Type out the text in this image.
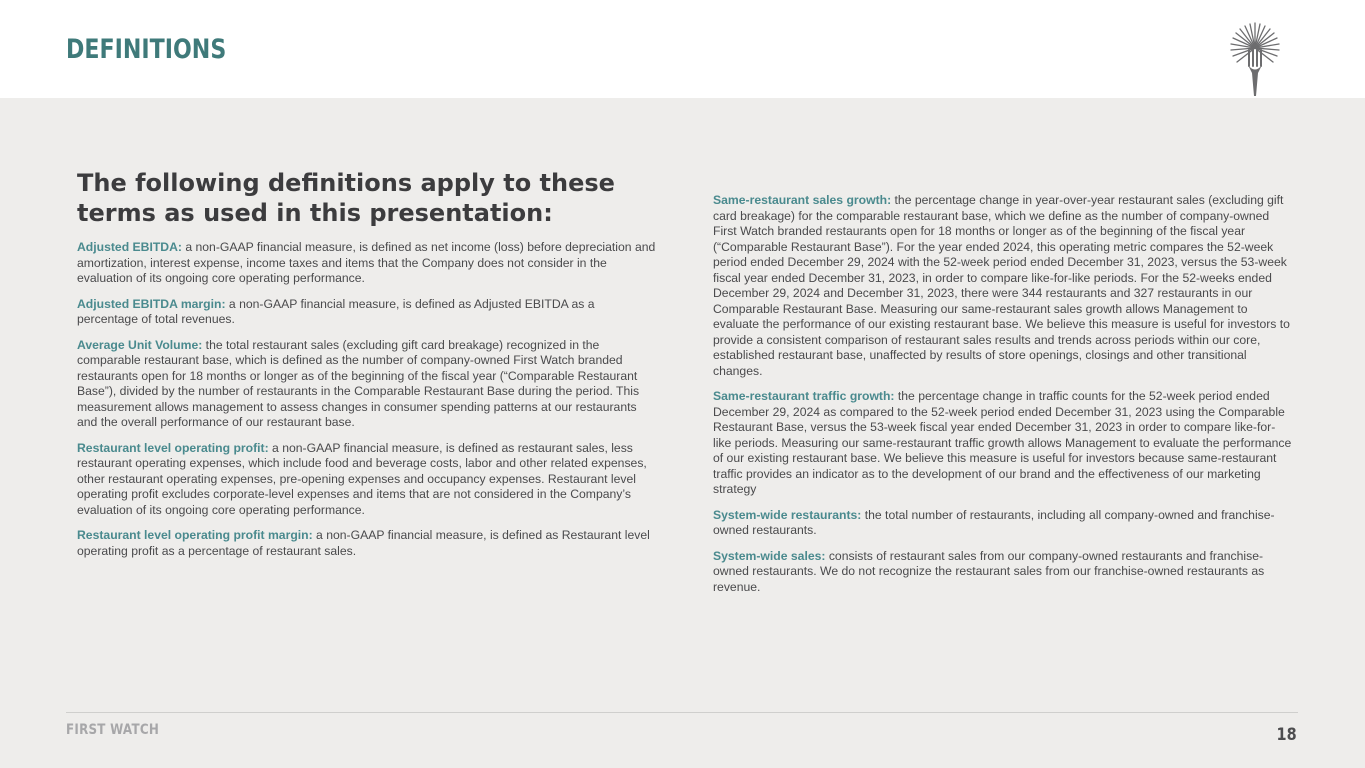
DEFINITIONS
The following definitions apply to these terms as used in this presentation:

Adjusted EBITDA: a non-GAAP financial measure, is defined as net income (loss) before depreciation and amortization, interest expense, income taxes and items that the Company does not consider in the evaluation of its ongoing core operating performance.

Adjusted EBITDA margin: a non-GAAP financial measure, is defined as Adjusted EBITDA as a percentage of total revenues.

Average Unit Volume: the total restaurant sales (excluding gift card breakage) recognized in the comparable restaurant base, which is defined as the number of company-owned First Watch branded restaurants open for 18 months or longer as of the beginning of the fiscal year (“Comparable Restaurant Base”), divided by the number of restaurants in the Comparable Restaurant Base during the period. This measurement allows management to assess changes in consumer spending patterns at our restaurants and the overall performance of our restaurant base.

Restaurant level operating profit: a non-GAAP financial measure, is defined as restaurant sales, less restaurant operating expenses, which include food and beverage costs, labor and other related expenses, other restaurant operating expenses, pre-opening expenses and occupancy expenses. Restaurant level operating profit excludes corporate-level expenses and items that are not considered in the Company’s evaluation of its ongoing core operating performance.

Restaurant level operating profit margin: a non-GAAP financial measure, is defined as Restaurant level operating profit as a percentage of restaurant sales.

Same-restaurant sales growth: the percentage change in year-over-year restaurant sales (excluding gift card breakage) for the comparable restaurant base, which we define as the number of company-owned First Watch branded restaurants open for 18 months or longer as of the beginning of the fiscal year (“Comparable Restaurant Base”). For the year ended 2024, this operating metric compares the 52-week period ended December 29, 2024 with the 52-week period ended December 31, 2023, versus the 53-week fiscal year ended December 31, 2023, in order to compare like-for-like periods. For the 52-weeks ended December 29, 2024 and December 31, 2023, there were 344 restaurants and 327 restaurants in our Comparable Restaurant Base. Measuring our same-restaurant sales growth allows Management to evaluate the performance of our existing restaurant base. We believe this measure is useful for investors to provide a consistent comparison of restaurant sales results and trends across periods within our core, established restaurant base, unaffected by results of store openings, closings and other transitional changes.

Same-restaurant traffic growth: the percentage change in traffic counts for the 52-week period ended December 29, 2024 as compared to the 52-week period ended December 31, 2023 using the Comparable Restaurant Base, versus the 53-week fiscal year ended December 31, 2023 in order to compare like-for-like periods. Measuring our same-restaurant traffic growth allows Management to evaluate the performance of our existing restaurant base. We believe this measure is useful for investors because same-restaurant traffic provides an indicator as to the development of our brand and the effectiveness of our marketing strategy

System-wide restaurants: the total number of restaurants, including all company-owned and franchise-owned restaurants.

System-wide sales: consists of restaurant sales from our company-owned restaurants and franchise-owned restaurants. We do not recognize the restaurant sales from our franchise-owned restaurants as revenue.

FIRST WATCH	18
